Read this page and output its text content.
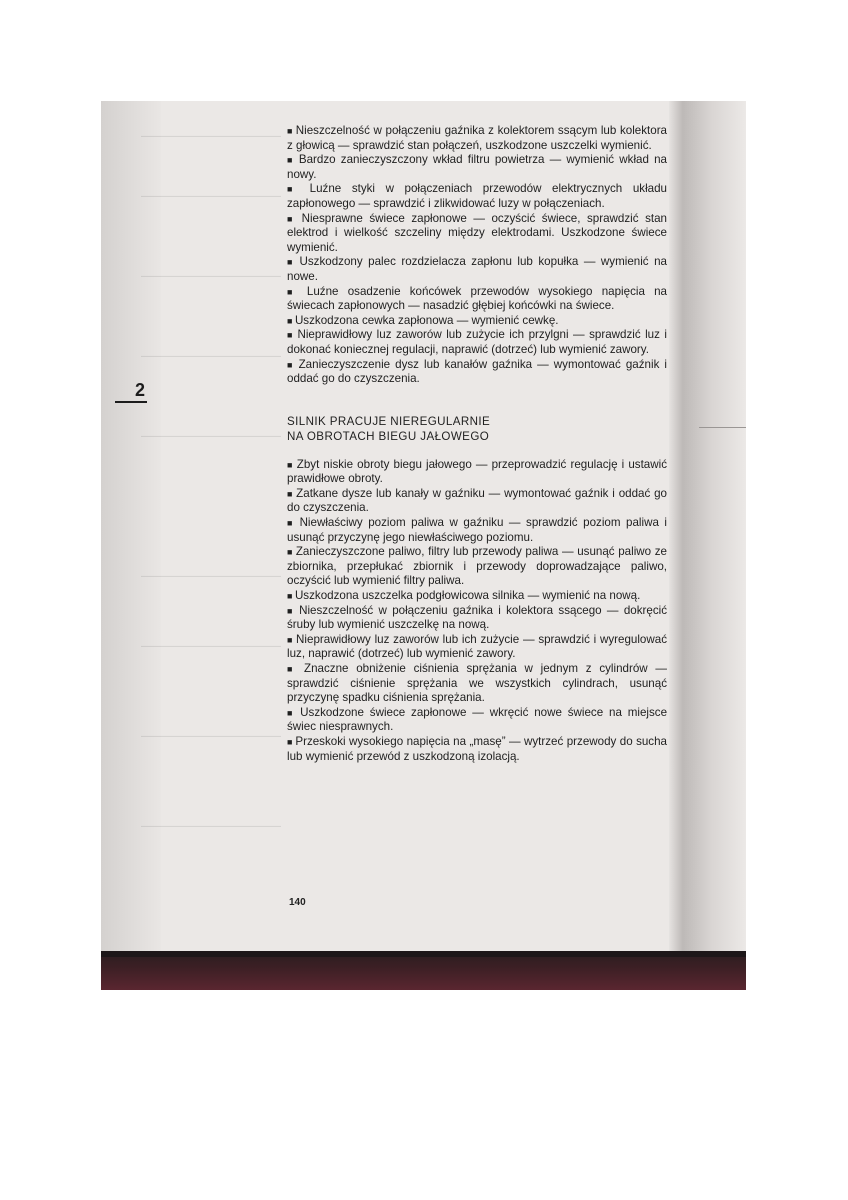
——————————————
——————————————
——————————————
——————————————
——————————————
——————————————
——————————————
——————————————
——————————————
2

■ Nieszczelność w połączeniu gaźnika z kolektorem ssącym lub kolektora z głowicą — sprawdzić stan połączeń, uszkodzone uszczelki wymienić.

■ Bardzo zanieczyszczony wkład filtru powietrza — wymienić wkład na nowy.

■ Luźne styki w połączeniach przewodów elektrycznych układu zapłonowego — sprawdzić i zlikwidować luzy w połączeniach.

■ Niesprawne świece zapłonowe — oczyścić świece, sprawdzić stan elektrod i wielkość szczeliny między elektrodami. Uszkodzone świece wymienić.

■ Uszkodzony palec rozdzielacza zapłonu lub kopułka — wymienić na nowe.

■ Luźne osadzenie końcówek przewodów wysokiego napięcia na świecach zapłonowych — nasadzić głębiej końcówki na świece.

■ Uszkodzona cewka zapłonowa — wymienić cewkę.

■ Nieprawidłowy luz zaworów lub zużycie ich przylgni — sprawdzić luz i dokonać koniecznej regulacji, naprawić (dotrzeć) lub wymienić zawory.

■ Zanieczyszczenie dysz lub kanałów gaźnika — wymontować gaźnik i oddać go do czyszczenia.

SILNIK PRACUJE NIEREGULARNIE
NA OBROTACH BIEGU JAŁOWEGO

■ Zbyt niskie obroty biegu jałowego — przeprowadzić regulację i ustawić prawidłowe obroty.

■ Zatkane dysze lub kanały w gaźniku — wymontować gaźnik i oddać go do czyszczenia.

■ Niewłaściwy poziom paliwa w gaźniku — sprawdzić poziom paliwa i usunąć przyczynę jego niewłaściwego poziomu.

■ Zanieczyszczone paliwo, filtry lub przewody paliwa — usunąć paliwo ze zbiornika, przepłukać zbiornik i przewody doprowadzające paliwo, oczyścić lub wymienić filtry paliwa.

■ Uszkodzona uszczelka podgłowicowa silnika — wymienić na nową.

■ Nieszczelność w połączeniu gaźnika i kolektora ssącego — dokręcić śruby lub wymienić uszczelkę na nową.

■ Nieprawidłowy luz zaworów lub ich zużycie — sprawdzić i wyregulować luz, naprawić (dotrzeć) lub wymienić zawory.

■ Znaczne obniżenie ciśnienia sprężania w jednym z cylindrów — sprawdzić ciśnienie sprężania we wszystkich cylindrach, usunąć przyczynę spadku ciśnienia sprężania.

■ Uszkodzone świece zapłonowe — wkręcić nowe świece na miejsce świec niesprawnych.

■ Przeskoki wysokiego napięcia na „masę” — wytrzeć przewody do sucha lub wymienić przewód z uszkodzoną izolacją.

140
